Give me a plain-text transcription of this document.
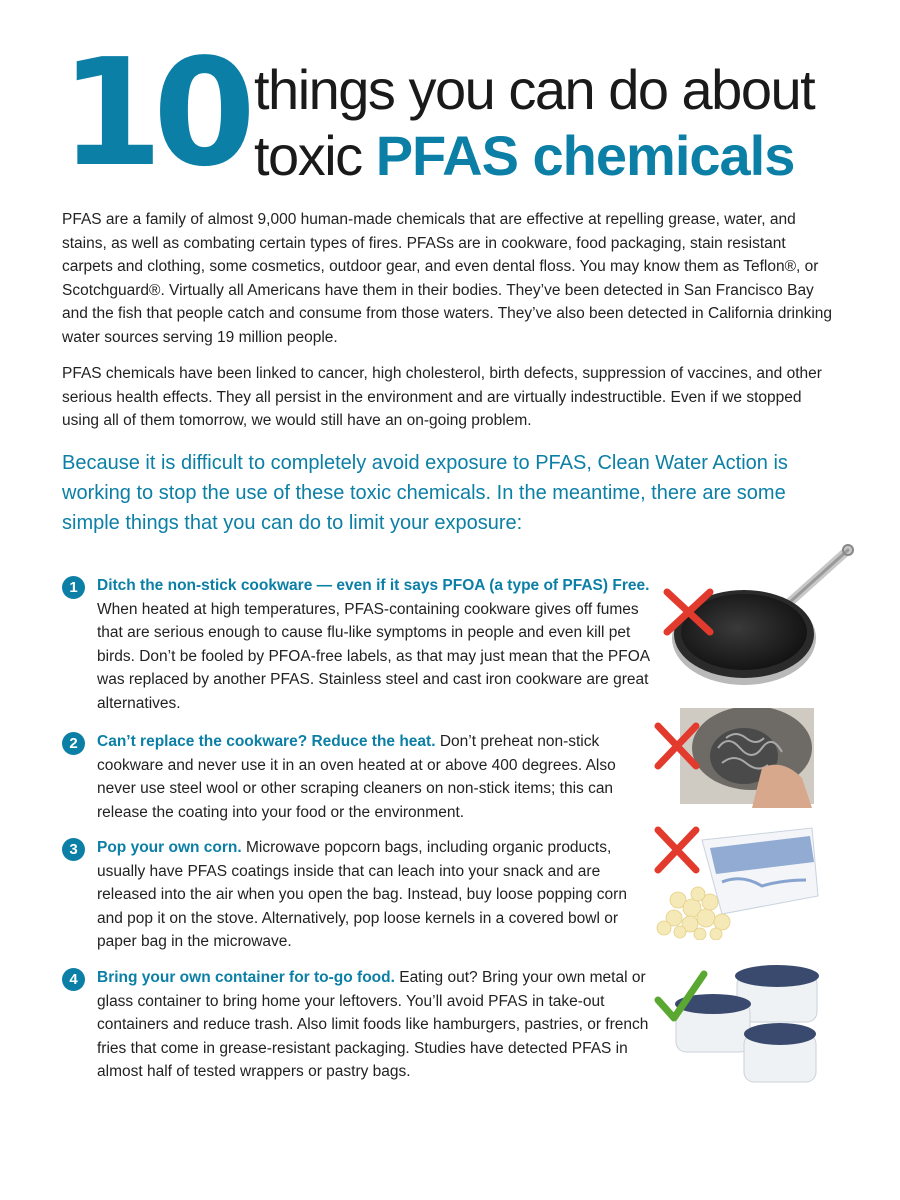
10 things you can do about
toxic PFAS chemicals

PFAS are a family of almost 9,000 human-made chemicals that are effective at repelling grease, water, and stains, as well as combating certain types of fires. PFASs are in cookware, food packaging, stain resistant carpets and clothing, some cosmetics, outdoor gear, and even dental floss. You may know them as Teflon®, or Scotchguard®. Virtually all Americans have them in their bodies. They’ve been detected in San Francisco Bay and the fish that people catch and consume from those waters. They’ve also been detected in California drinking water sources serving 19 million people.

PFAS chemicals have been linked to cancer, high cholesterol, birth defects, suppression of vaccines, and other serious health effects. They all persist in the environment and are virtually indestructible. Even if we stopped using all of them tomorrow, we would still have an on-going problem.

Because it is difficult to completely avoid exposure to PFAS, Clean Water Action is working to stop the use of these toxic chemicals. In the meantime, there are some simple things that you can do to limit your exposure:

1	Ditch the non-stick cookware — even if it says PFOA (a type of PFAS) Free. When heated at high temperatures, PFAS-containing cookware gives off fumes that are serious enough to cause flu-like symptoms in people and even kill pet birds. Don’t be fooled by PFOA-free labels, as that may just mean that the PFOA was replaced by another PFAS. Stainless steel and cast iron cookware are great alternatives.

2	Can’t replace the cookware? Reduce the heat. Don’t preheat non-stick cookware and never use it in an oven heated at or above 400 degrees. Also never use steel wool or other scraping cleaners on non-stick items; this can release the coating into your food or the environment.

3	Pop your own corn. Microwave popcorn bags, including organic products, usually have PFAS coatings inside that can leach into your snack and are released into the air when you open the bag. Instead, buy loose popping corn and pop it on the stove. Alternatively, pop loose kernels in a covered bowl or paper bag in the microwave.

4	Bring your own container for to-go food. Eating out? Bring your own metal or glass container to bring home your leftovers. You’ll avoid PFAS in take-out containers and reduce trash. Also limit foods like hamburgers, pastries, or french fries that come in grease-resistant packaging. Studies have detected PFAS in almost half of tested wrappers or pastry bags.
